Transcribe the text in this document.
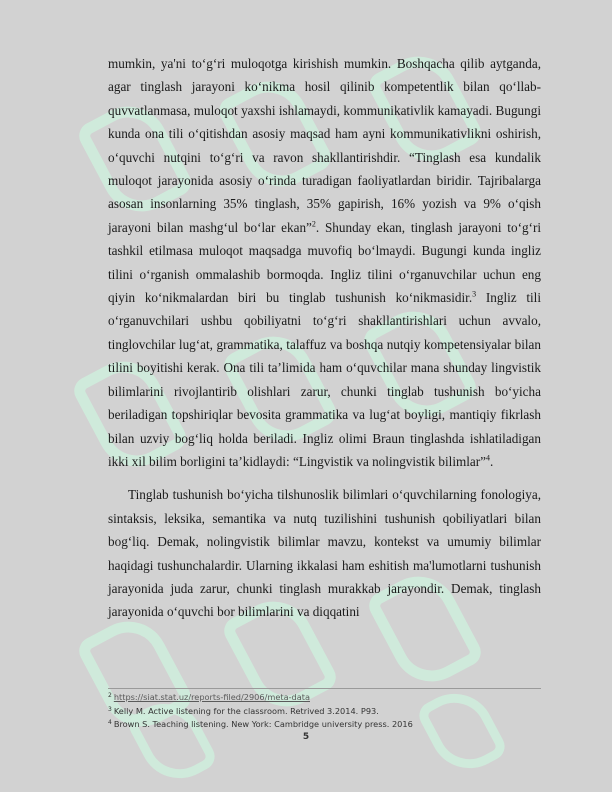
mumkin, ya'ni to‘g‘ri muloqotga kirishish mumkin. Boshqacha qilib aytganda, agar tinglash jarayoni ko‘nikma hosil qilinib kompetentlik bilan qo‘llab-quvvatlanmasa, muloqot yaxshi ishlamaydi, kommunikativlik kamayadi. Bugungi kunda ona tili o‘qitishdan asosiy maqsad ham ayni kommunikativlikni oshirish, o‘quvchi nutqini to‘g‘ri va ravon shakllantirishdir. “Tinglash esa kundalik muloqot jarayonida asosiy o‘rinda turadigan faoliyatlardan biridir. Tajribalarga asosan insonlarning 35% tinglash, 35% gapirish, 16% yozish va 9% o‘qish jarayoni bilan mashg‘ul bo‘lar ekan”$^2$. Shunday ekan, tinglash jarayoni to‘g‘ri tashkil etilmasa muloqot maqsadga muvofiq bo‘lmaydi. Bugungi kunda ingliz tilini o‘rganish ommalashib bormoqda. Ingliz tilini o‘rganuvchilar uchun eng qiyin ko‘nikmalardan biri bu tinglab tushunish ko‘nikmasidir.$^3$ Ingliz tili o‘rganuvchilari ushbu qobiliyatni to‘g‘ri shakllantirishlari uchun avvalo, tinglovchilar lug‘at, grammatika, talaffuz va boshqa nutqiy kompetensiyalar bilan tilini boyitishi kerak. Ona tili ta’limida ham o‘quvchilar mana shunday lingvistik bilimlarini rivojlantirib olishlari zarur, chunki tinglab tushunish bo‘yicha beriladigan topshiriqlar bevosita grammatika va lug‘at boyligi, mantiqiy fikrlash bilan uzviy bog‘liq holda beriladi. Ingliz olimi Braun tinglashda ishlatiladigan ikki xil bilim borligini ta’kidlaydi: “Lingvistik va nolingvistik bilimlar”$^4$.

Tinglab tushunish bo‘yicha tilshunoslik bilimlari o‘quvchilarning fonologiya, sintaksis, leksika, semantika va nutq tuzilishini tushunish qobiliyatlari bilan bog‘liq. Demak, nolingvistik bilimlar mavzu, kontekst va umumiy bilimlar haqidagi tushunchalardir. Ularning ikkalasi ham eshitish ma'lumotlarni tushunish jarayonida juda zarur, chunki tinglash murakkab jarayondir. Demak, tinglash jarayonida o‘quvchi bor bilimlarini va diqqatini

$^2$ https://siat.stat.uz/reports-filed/2906/meta-data
$^3$ Kelly M. Active listening for the classroom. Retrived 3.2014. P93.
$^4$ Brown S. Teaching listening. New York: Cambridge university press. 2016
5
